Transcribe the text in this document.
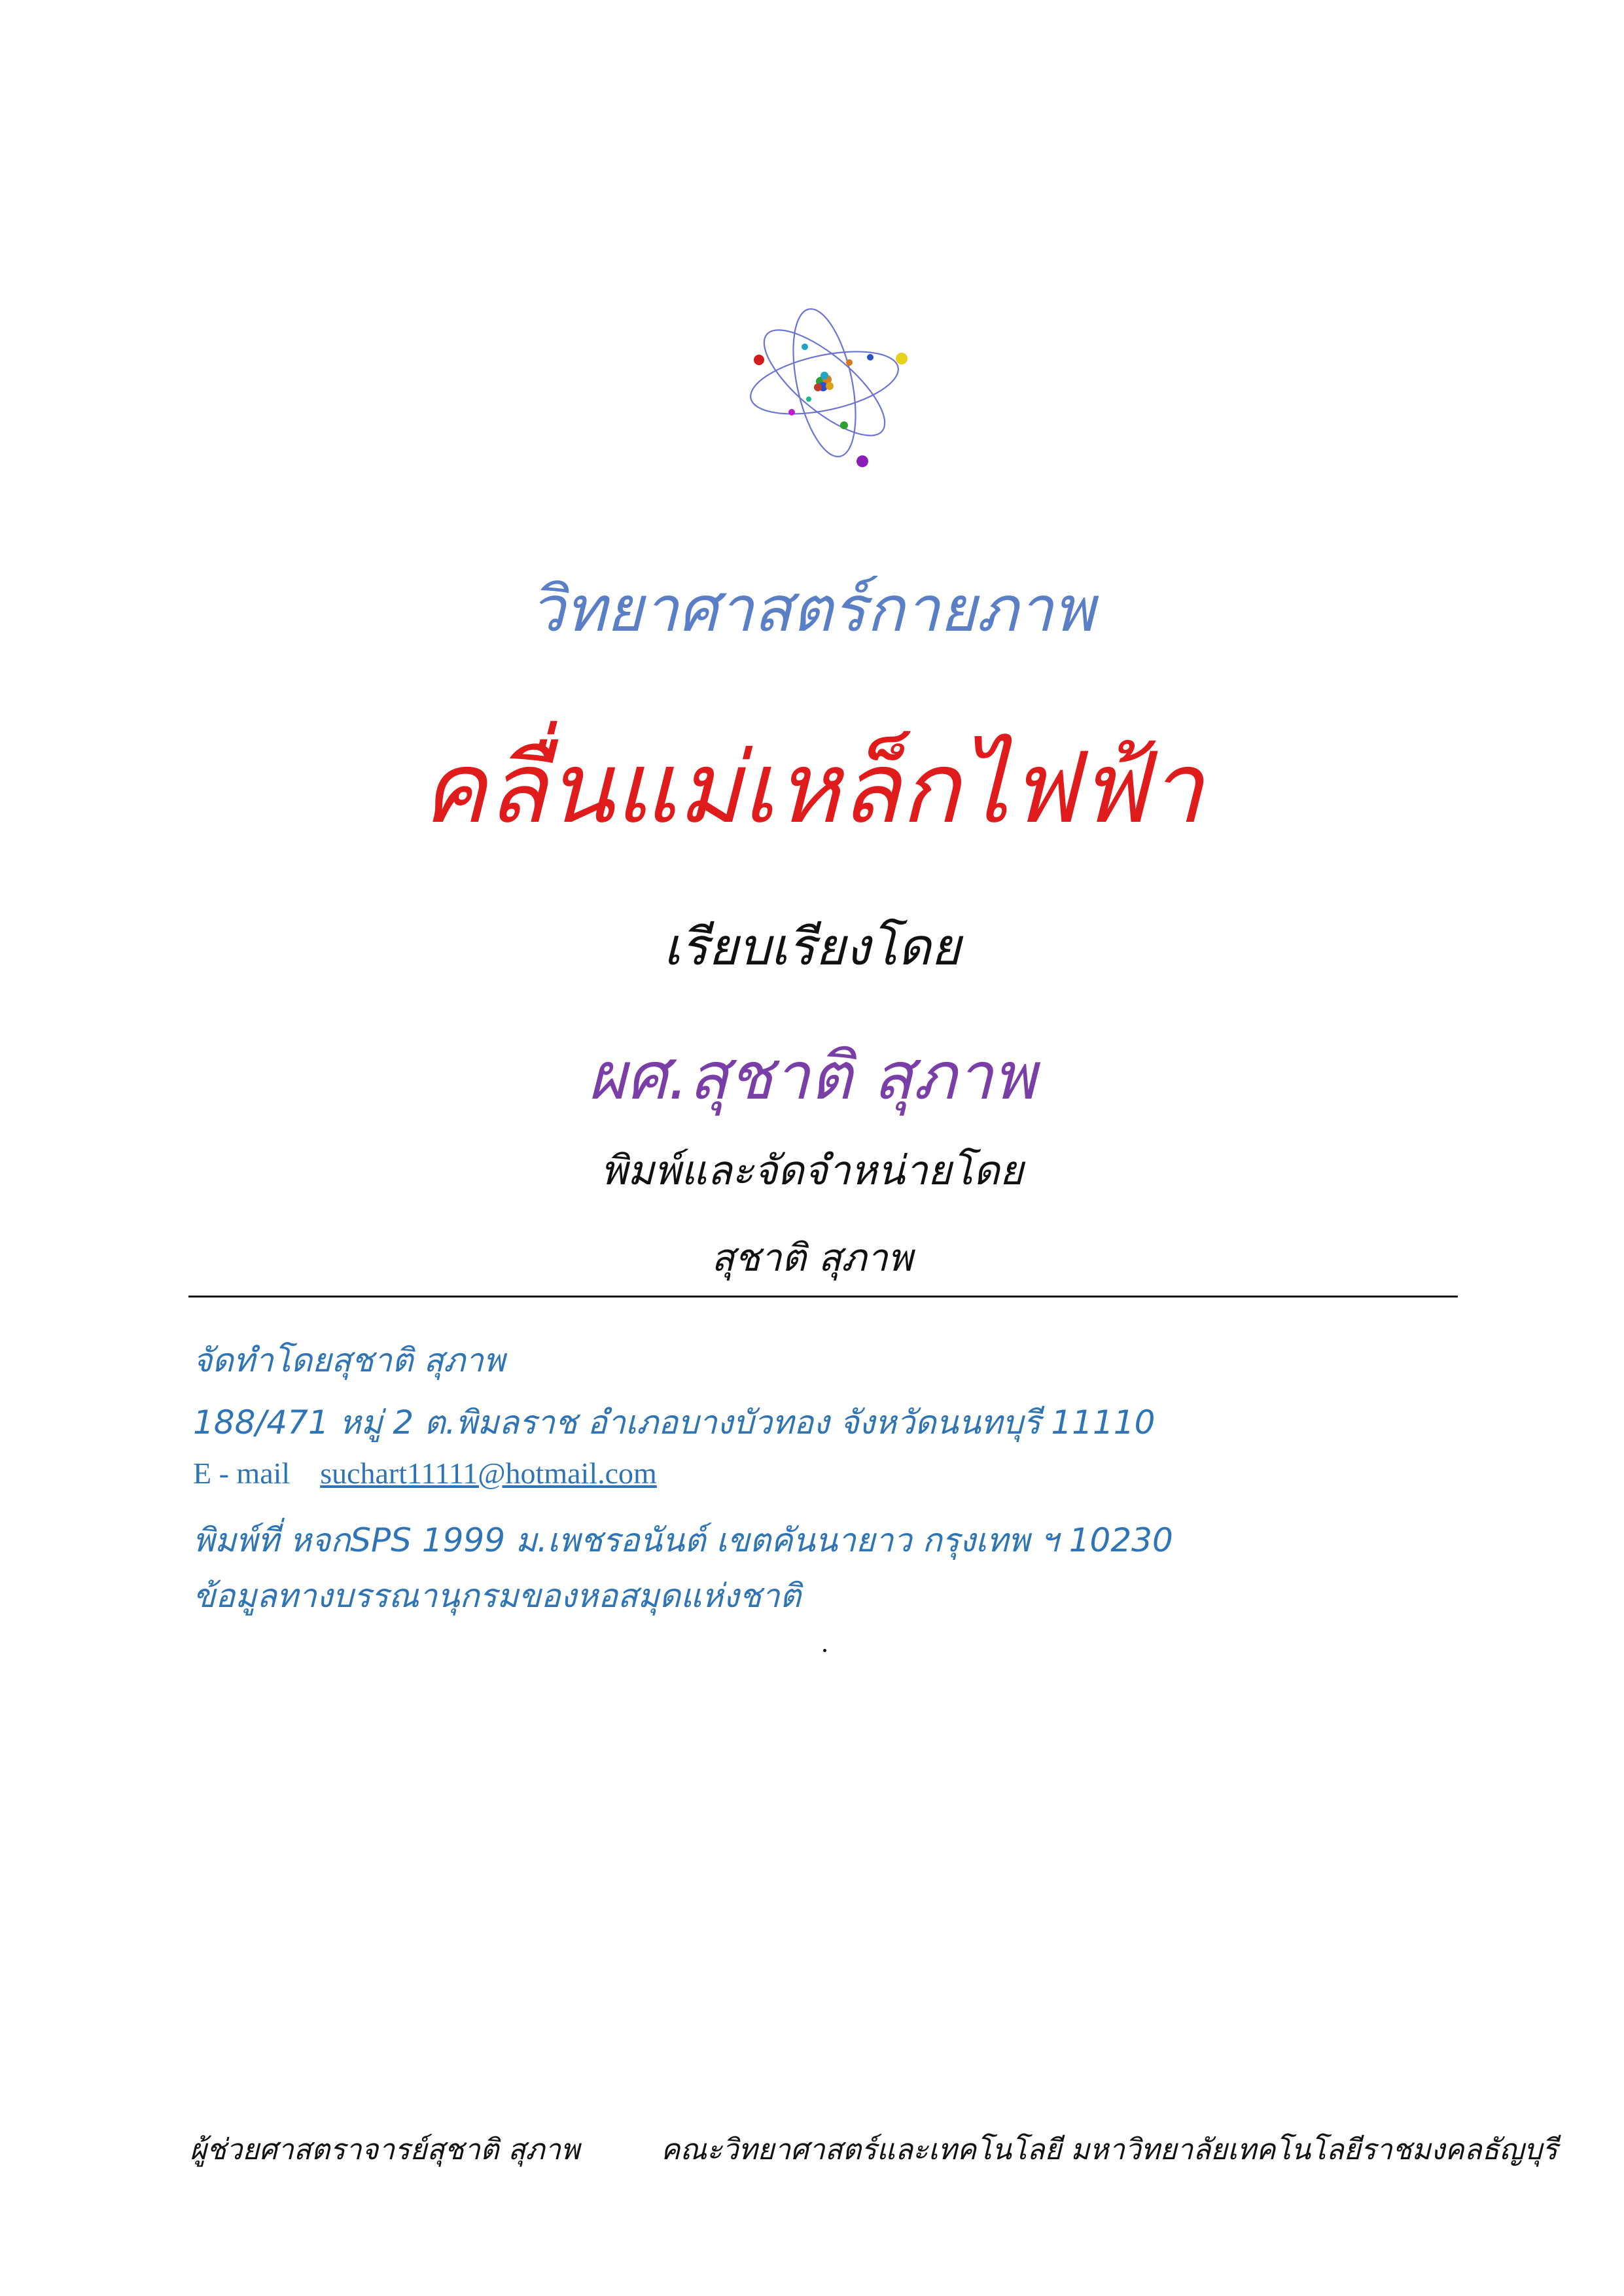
วิทยาศาสตร์กายภาพ
คลื่นแม่เหล็กไฟฟ้า
เรียบเรียงโดย
ผศ.สุชาติ สุภาพ
พิมพ์และจัดจำหน่ายโดย
สุชาติ สุภาพ
จัดทำโดยสุชาติ สุภาพ
188/471 หมู่ 2 ต.พิมลราช อำเภอบางบัวทอง จังหวัดนนทบุรี 11110
E - mail suchart11111@hotmail.com
พิมพ์ที่ หจกSPS 1999 ม.เพชรอนันต์ เขตคันนายาว กรุงเทพ ฯ 10230
ข้อมูลทางบรรณานุกรมของหอสมุดแห่งชาติ
ผู้ช่วยศาสตราจารย์สุชาติ สุภาพ	คณะวิทยาศาสตร์และเทคโนโลยี มหาวิทยาลัยเทคโนโลยีราชมงคลธัญบุรี
